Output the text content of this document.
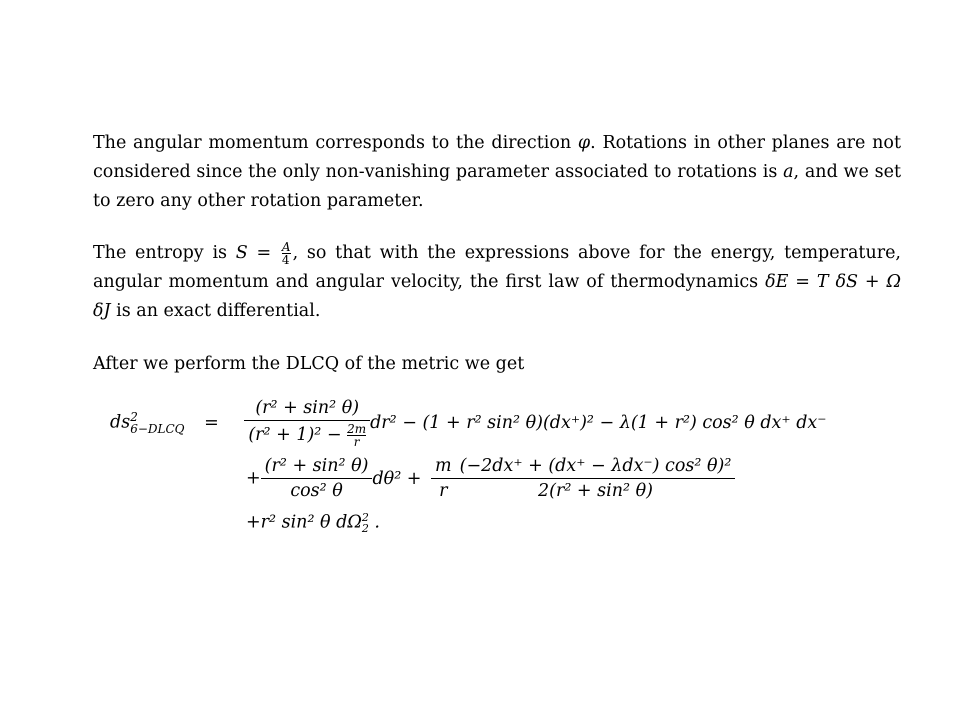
The angular momentum corresponds to the direction φ. Rotations in other planes are not considered since the only non-vanishing parameter associated to rotations is a, and we set to zero any other rotation parameter.

The entropy is $S = \frac{A}{4}$ , so that with the expressions above for the energy, temperature, angular momentum and angular velocity, the first law of thermodynamics δE = T δS + Ω δJ is an exact differential.

After we perform the DLCQ of the metric we get

ds 2
6−DLCQ = $\frac{\text{(r² + sin² θ)}}{(r^2 + 1)^2 - \frac{2m}{r}} dr^2 - (1 + r^2$ sin² θ)(dx⁺)² − λ(1 + r²) cos² θ dx⁺ dx⁻
+ $\frac{\text{(r² + sin² θ)}}{\text{cos² θ}} d\theta^2 + \frac{m}{r} (-2dx^+ + (dx^+ - \lambda dx^-)$ cos² θ)²
2(r² + sin² θ)
+r² sin² θ dΩ 2
2 .
